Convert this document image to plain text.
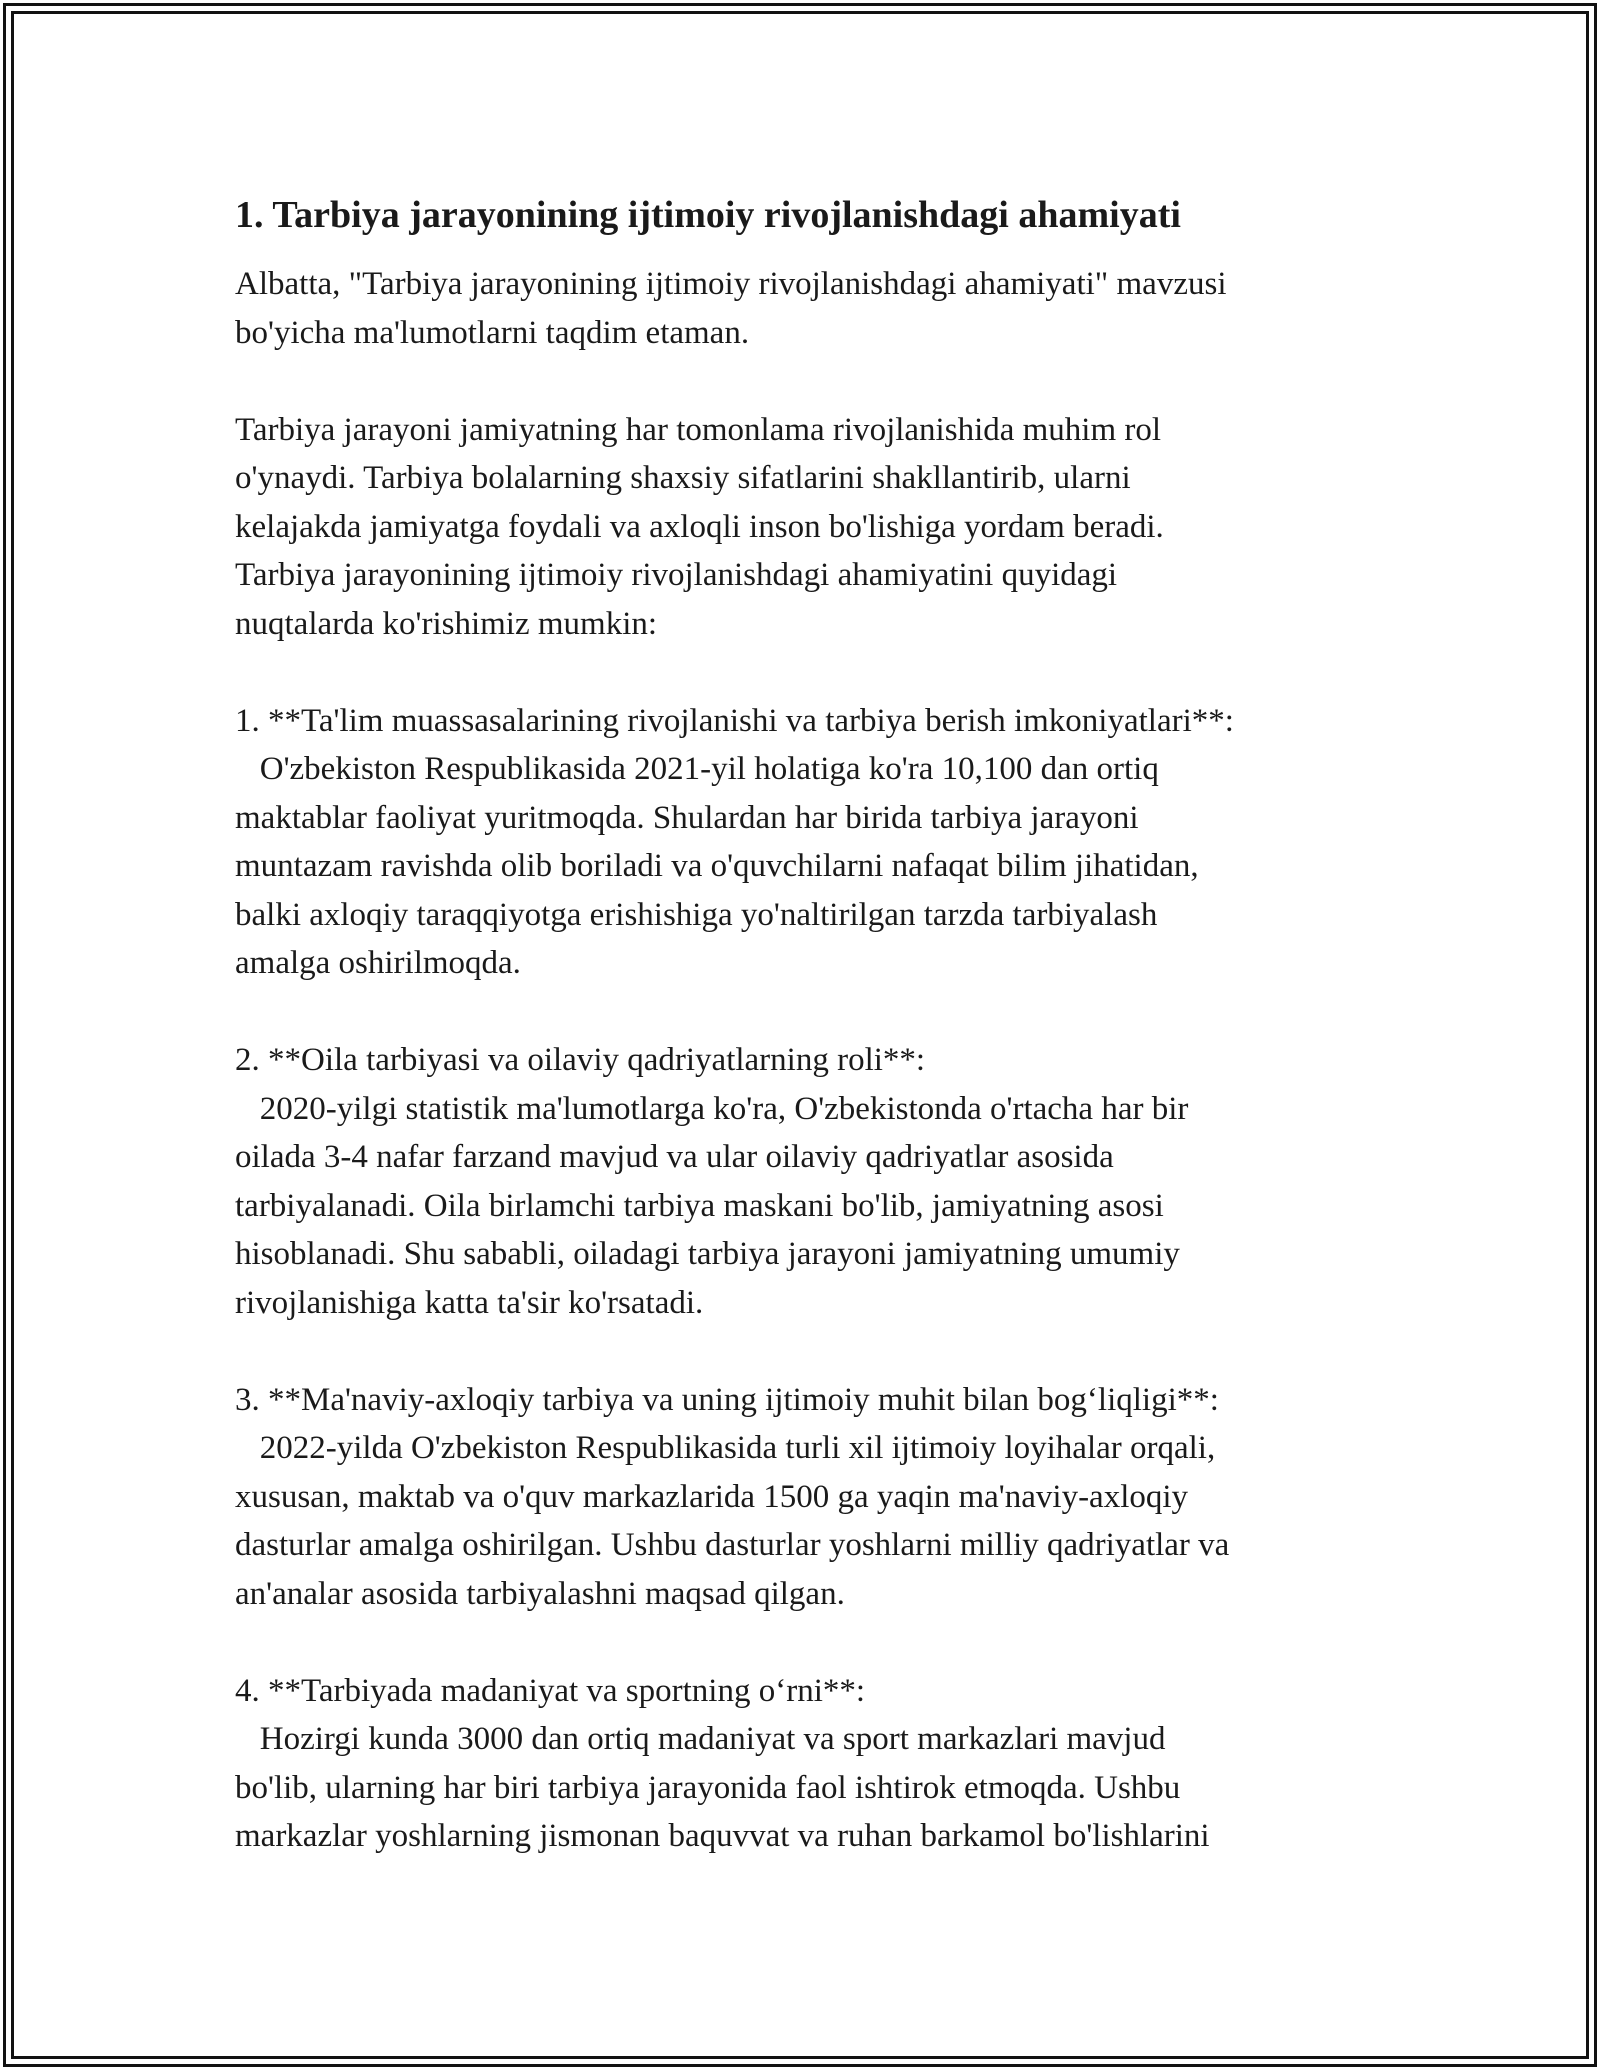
1. Tarbiya jarayonining ijtimoiy rivojlanishdagi ahamiyati

Albatta, "Tarbiya jarayonining ijtimoiy rivojlanishdagi ahamiyati" mavzusi
bo'yicha ma'lumotlarni taqdim etaman.

Tarbiya jarayoni jamiyatning har tomonlama rivojlanishida muhim rol
o'ynaydi. Tarbiya bolalarning shaxsiy sifatlarini shakllantirib, ularni
kelajakda jamiyatga foydali va axloqli inson bo'lishiga yordam beradi.
Tarbiya jarayonining ijtimoiy rivojlanishdagi ahamiyatini quyidagi
nuqtalarda ko'rishimiz mumkin:

1. **Ta'lim muassasalarining rivojlanishi va tarbiya berish imkoniyatlari**:
O'zbekiston Respublikasida 2021-yil holatiga ko'ra 10,100 dan ortiq
maktablar faoliyat yuritmoqda. Shulardan har birida tarbiya jarayoni
muntazam ravishda olib boriladi va o'quvchilarni nafaqat bilim jihatidan,
balki axloqiy taraqqiyotga erishishiga yo'naltirilgan tarzda tarbiyalash
amalga oshirilmoqda.

2. **Oila tarbiyasi va oilaviy qadriyatlarning roli**:
2020-yilgi statistik ma'lumotlarga ko'ra, O'zbekistonda o'rtacha har bir
oilada 3-4 nafar farzand mavjud va ular oilaviy qadriyatlar asosida
tarbiyalanadi. Oila birlamchi tarbiya maskani bo'lib, jamiyatning asosi
hisoblanadi. Shu sababli, oiladagi tarbiya jarayoni jamiyatning umumiy
rivojlanishiga katta ta'sir ko'rsatadi.

3. **Ma'naviy-axloqiy tarbiya va uning ijtimoiy muhit bilan bog‘liqligi**:
2022-yilda O'zbekiston Respublikasida turli xil ijtimoiy loyihalar orqali,
xususan, maktab va o'quv markazlarida 1500 ga yaqin ma'naviy-axloqiy
dasturlar amalga oshirilgan. Ushbu dasturlar yoshlarni milliy qadriyatlar va
an'analar asosida tarbiyalashni maqsad qilgan.

4. **Tarbiyada madaniyat va sportning o‘rni**:
Hozirgi kunda 3000 dan ortiq madaniyat va sport markazlari mavjud
bo'lib, ularning har biri tarbiya jarayonida faol ishtirok etmoqda. Ushbu
markazlar yoshlarning jismonan baquvvat va ruhan barkamol bo'lishlarini
